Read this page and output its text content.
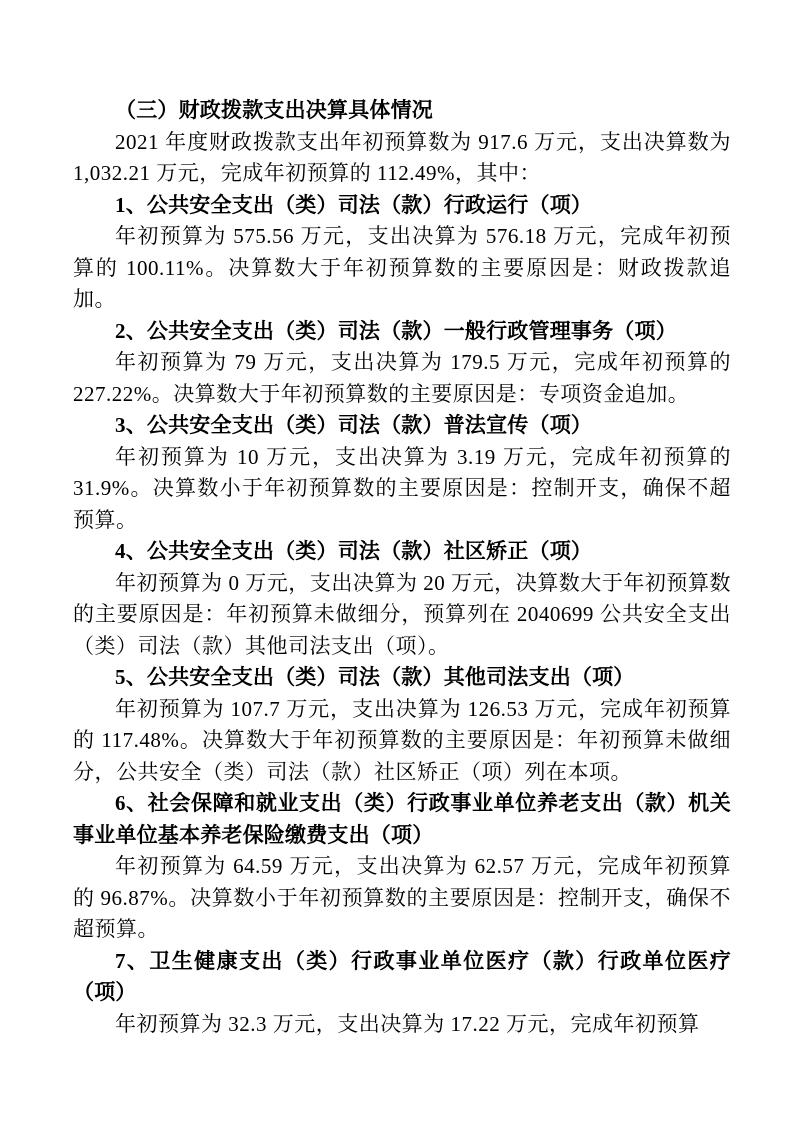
（三）财政拨款支出决算具体情况

2021 年度财政拨款支出年初预算数为 917.6 万元，支出决算数为 1,032.21 万元，完成年初预算的 112.49%，其中：

1、公共安全支出（类）司法（款）行政运行（项）

年初预算为 575.56 万元，支出决算为 576.18 万元，完成年初预算的 100.11%。决算数大于年初预算数的主要原因是：财政拨款追加。

2、公共安全支出（类）司法（款）一般行政管理事务（项）

年初预算为 79 万元，支出决算为 179.5 万元，完成年初预算的 227.22%。决算数大于年初预算数的主要原因是：专项资金追加。

3、公共安全支出（类）司法（款）普法宣传（项）

年初预算为 10 万元，支出决算为 3.19 万元，完成年初预算的 31.9%。决算数小于年初预算数的主要原因是：控制开支，确保不超预算。

4、公共安全支出（类）司法（款）社区矫正（项）

年初预算为 0 万元，支出决算为 20 万元，决算数大于年初预算数的主要原因是：年初预算未做细分，预算列在 2040699 公共安全支出（类）司法（款）其他司法支出（项）。

5、公共安全支出（类）司法（款）其他司法支出（项）

年初预算为 107.7 万元，支出决算为 126.53 万元，完成年初预算的 117.48%。决算数大于年初预算数的主要原因是：年初预算未做细分，公共安全（类）司法（款）社区矫正（项）列在本项。

6、社会保障和就业支出（类）行政事业单位养老支出（款）机关事业单位基本养老保险缴费支出（项）

年初预算为 64.59 万元，支出决算为 62.57 万元，完成年初预算的 96.87%。决算数小于年初预算数的主要原因是：控制开支，确保不超预算。

7、卫生健康支出（类）行政事业单位医疗（款）行政单位医疗（项）

年初预算为 32.3 万元，支出决算为 17.22 万元，完成年初预算
